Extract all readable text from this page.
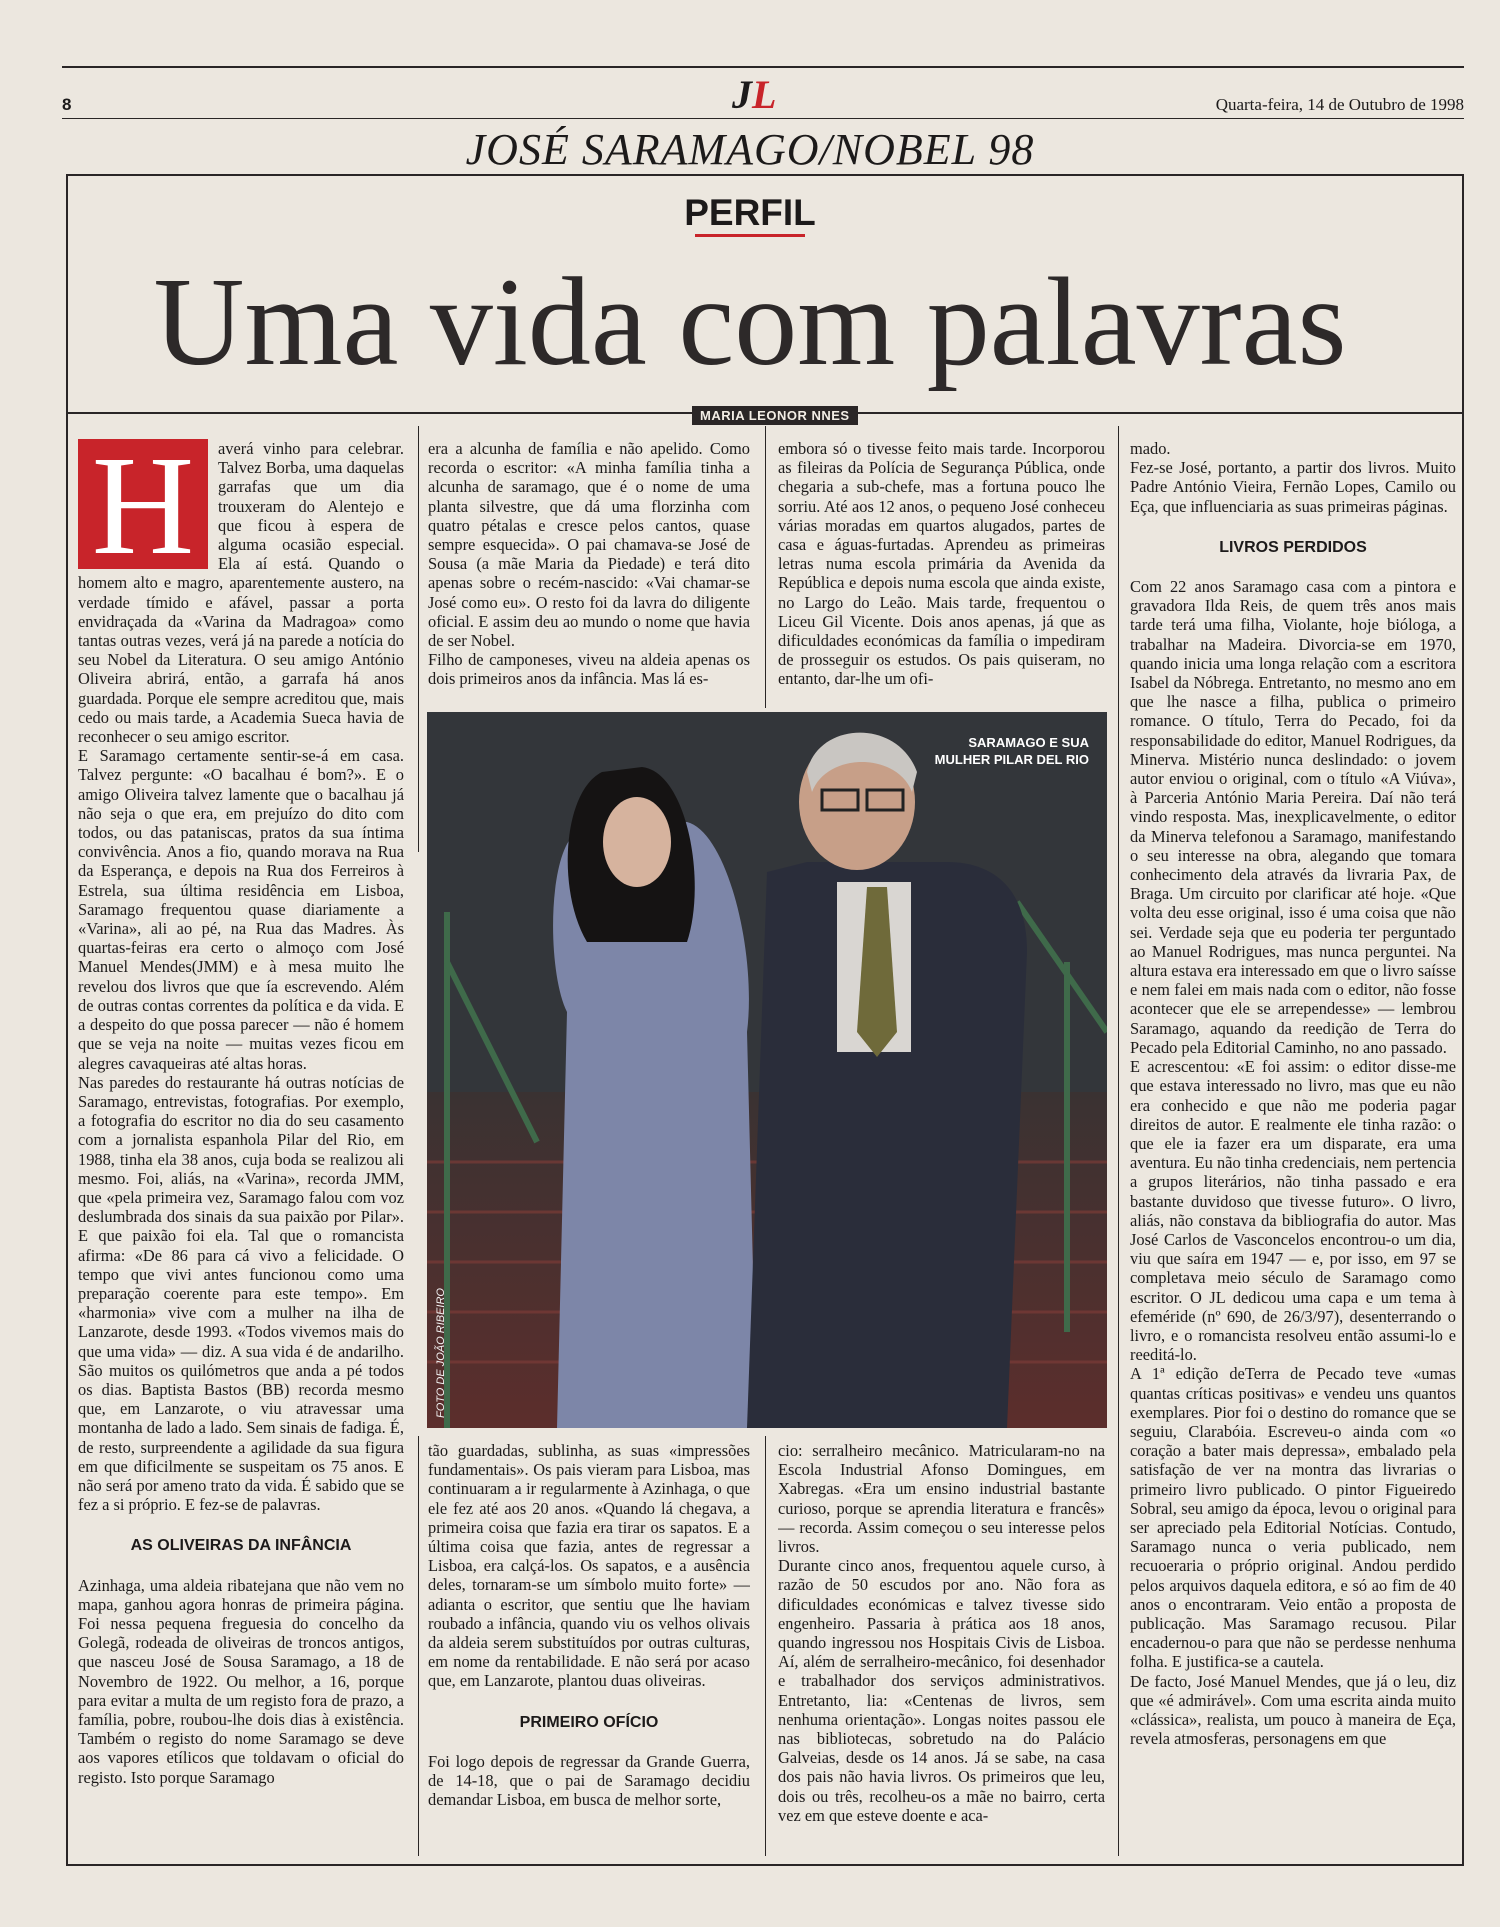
8	J L	Quarta-feira, 14 de Outubro de 1998
JOSÉ SARAMAGO/NOBEL 98
PERFIL
Uma vida com palavras
MARIA LEONOR NNES
H	averá vinho para celebrar. Talvez Borba, uma daquelas garrafas que um dia trouxeram do Alentejo e que ficou à espera de alguma ocasião especial. Ela aí está. Quando o homem alto e magro, aparentemente austero, na verdade tímido e afável, passar a porta envidraçada da «Varina da Madragoa» como tantas outras vezes, verá já na parede a notícia do seu Nobel da Literatura. O seu amigo António Oliveira abrirá, então, a garrafa há anos guardada. Porque ele sempre acreditou que, mais cedo ou mais tarde, a Academia Sueca havia de reconhecer o seu amigo escritor.

E Saramago certamente sentir-se-á em casa. Talvez pergunte: «O bacalhau é bom?». E o amigo Oliveira talvez lamente que o bacalhau já não seja o que era, em prejuízo do dito com todos, ou das pataniscas, pratos da sua íntima convivência. Anos a fio, quando morava na Rua da Esperança, e depois na Rua dos Ferreiros à Estrela, sua última residência em Lisboa, Saramago frequentou quase diariamente a «Varina», ali ao pé, na Rua das Madres. Às quartas-feiras era certo o almoço com José Manuel Mendes(JMM) e à mesa muito lhe revelou dos livros que que ía escrevendo. Além de outras contas correntes da política e da vida. E a despeito do que possa parecer — não é homem que se veja na noite — muitas vezes ficou em alegres cavaqueiras até altas horas.

Nas paredes do restaurante há outras notícias de Saramago, entrevistas, fotografias. Por exemplo, a fotografia do escritor no dia do seu casamento com a jornalista espanhola Pilar del Rio, em 1988, tinha ela 38 anos, cuja boda se realizou ali mesmo. Foi, aliás, na «Varina», recorda JMM, que «pela primeira vez, Saramago falou com voz deslumbrada dos sinais da sua paixão por Pilar». E que paixão foi ela. Tal que o romancista afirma: «De 86 para cá vivo a felicidade. O tempo que vivi antes funcionou como uma preparação coerente para este tempo». Em «harmonia» vive com a mulher na ilha de Lanzarote, desde 1993. «Todos vivemos mais do que uma vida» — diz. A sua vida é de andarilho. São muitos os quilómetros que anda a pé todos os dias. Baptista Bastos (BB) recorda mesmo que, em Lanzarote, o viu atravessar uma montanha de lado a lado. Sem sinais de fadiga. É, de resto, surpreendente a agilidade da sua figura em que dificilmente se suspeitam os 75 anos. E não será por ameno trato da vida. É sabido que se fez a si próprio. E fez-se de palavras.

AS OLIVEIRAS DA INFÂNCIA

Azinhaga, uma aldeia ribatejana que não vem no mapa, ganhou agora honras de primeira página. Foi nessa pequena freguesia do concelho da Golegã, rodeada de oliveiras de troncos antigos, que nasceu José de Sousa Saramago, a 18 de Novembro de 1922. Ou melhor, a 16, porque para evitar a multa de um registo fora de prazo, a família, pobre, roubou-lhe dois dias à existência. Também o registo do nome Saramago se deve aos vapores etílicos que toldavam o oficial do registo. Isto porque Saramago

era a alcunha de família e não apelido. Como recorda o escritor: «A minha família tinha a alcunha de saramago, que é o nome de uma planta silvestre, que dá uma florzinha com quatro pétalas e cresce pelos cantos, quase sempre esquecida». O pai chamava-se José de Sousa (a mãe Maria da Piedade) e terá dito apenas sobre o recém-nascido: «Vai chamar-se José como eu». O resto foi da lavra do diligente oficial. E assim deu ao mundo o nome que havia de ser Nobel.

Filho de camponeses, viveu na aldeia apenas os dois primeiros anos da infância. Mas lá es-

embora só o tivesse feito mais tarde. Incorporou as fileiras da Polícia de Segurança Pública, onde chegaria a sub-chefe, mas a fortuna pouco lhe sorriu. Até aos 12 anos, o pequeno José conheceu várias moradas em quartos alugados, partes de casa e águas-furtadas. Aprendeu as primeiras letras numa escola primária da Avenida da República e depois numa escola que ainda existe, no Largo do Leão. Mais tarde, frequentou o Liceu Gil Vicente. Dois anos apenas, já que as dificuldades económicas da família o impediram de prosseguir os estudos. Os pais quiseram, no entanto, dar-lhe um ofi-

SARAMAGO E SUA
MULHER PILAR DEL RIO
FOTO DE JOÃO RIBEIRO

tão guardadas, sublinha, as suas «impressões fundamentais». Os pais vieram para Lisboa, mas continuaram a ir regularmente à Azinhaga, o que ele fez até aos 20 anos. «Quando lá chegava, a primeira coisa que fazia era tirar os sapatos. E a última coisa que fazia, antes de regressar a Lisboa, era calçá-los. Os sapatos, e a ausência deles, tornaram-se um símbolo muito forte» — adianta o escritor, que sentiu que lhe haviam roubado a infância, quando viu os velhos olivais da aldeia serem substituídos por outras culturas, em nome da rentabilidade. E não será por acaso que, em Lanzarote, plantou duas oliveiras.

PRIMEIRO OFÍCIO

Foi logo depois de regressar da Grande Guerra, de 14-18, que o pai de Saramago decidiu demandar Lisboa, em busca de melhor sorte,

cio: serralheiro mecânico. Matricularam-no na Escola Industrial Afonso Domingues, em Xabregas. «Era um ensino industrial bastante curioso, porque se aprendia literatura e francês» — recorda. Assim começou o seu interesse pelos livros.

Durante cinco anos, frequentou aquele curso, à razão de 50 escudos por ano. Não fora as dificuldades económicas e talvez tivesse sido engenheiro. Passaria à prática aos 18 anos, quando ingressou nos Hospitais Civis de Lisboa. Aí, além de serralheiro-mecânico, foi desenhador e trabalhador dos serviços administrativos. Entretanto, lia: «Centenas de livros, sem nenhuma orientação». Longas noites passou ele nas bibliotecas, sobretudo na do Palácio Galveias, desde os 14 anos. Já se sabe, na casa dos pais não havia livros. Os primeiros que leu, dois ou três, recolheu-os a mãe no bairro, certa vez em que esteve doente e aca-

mado.

Fez-se José, portanto, a partir dos livros. Muito Padre António Vieira, Fernão Lopes, Camilo ou Eça, que influenciaria as suas primeiras páginas.

LIVROS PERDIDOS

Com 22 anos Saramago casa com a pintora e gravadora Ilda Reis, de quem três anos mais tarde terá uma filha, Violante, hoje bióloga, a trabalhar na Madeira. Divorcia-se em 1970, quando inicia uma longa relação com a escritora Isabel da Nóbrega. Entretanto, no mesmo ano em que lhe nasce a filha, publica o primeiro romance. O título, Terra do Pecado, foi da responsabilidade do editor, Manuel Rodrigues, da Minerva. Mistério nunca deslindado: o jovem autor enviou o original, com o título «A Viúva», à Parceria António Maria Pereira. Daí não terá vindo resposta. Mas, inexplicavelmente, o editor da Minerva telefonou a Saramago, manifestando o seu interesse na obra, alegando que tomara conhecimento dela através da livraria Pax, de Braga. Um circuito por clarificar até hoje. «Que volta deu esse original, isso é uma coisa que não sei. Verdade seja que eu poderia ter perguntado ao Manuel Rodrigues, mas nunca perguntei. Na altura estava era interessado em que o livro saísse e nem falei em mais nada com o editor, não fosse acontecer que ele se arrependesse» — lembrou Saramago, aquando da reedição de Terra do Pecado pela Editorial Caminho, no ano passado.

E acrescentou: «E foi assim: o editor disse-me que estava interessado no livro, mas que eu não era conhecido e que não me poderia pagar direitos de autor. E realmente ele tinha razão: o que ele ia fazer era um disparate, era uma aventura. Eu não tinha credenciais, nem pertencia a grupos literários, não tinha passado e era bastante duvidoso que tivesse futuro». O livro, aliás, não constava da bibliografia do autor. Mas José Carlos de Vasconcelos encontrou-o um dia, viu que saíra em 1947 — e, por isso, em 97 se completava meio século de Saramago como escritor. O JL dedicou uma capa e um tema à efeméride (nº 690, de 26/3/97), desenterrando o livro, e o romancista resolveu então assumi-lo e reeditá-lo.

A 1ª edição deTerra de Pecado teve «umas quantas críticas positivas» e vendeu uns quantos exemplares. Pior foi o destino do romance que se seguiu, Clarabóia. Escreveu-o ainda com «o coração a bater mais depressa», embalado pela satisfação de ver na montra das livrarias o primeiro livro publicado. O pintor Figueiredo Sobral, seu amigo da época, levou o original para ser apreciado pela Editorial Notícias. Contudo, Saramago nunca o veria publicado, nem recuoeraria o próprio original. Andou perdido pelos arquivos daquela editora, e só ao fim de 40 anos o encontraram. Veio então a proposta de publicação. Mas Saramago recusou. Pilar encadernou-o para que não se perdesse nenhuma folha. E justifica-se a cautela.

De facto, José Manuel Mendes, que já o leu, diz que «é admirável». Com uma escrita ainda muito «clássica», realista, um pouco à maneira de Eça, revela atmosferas, personagens em que
